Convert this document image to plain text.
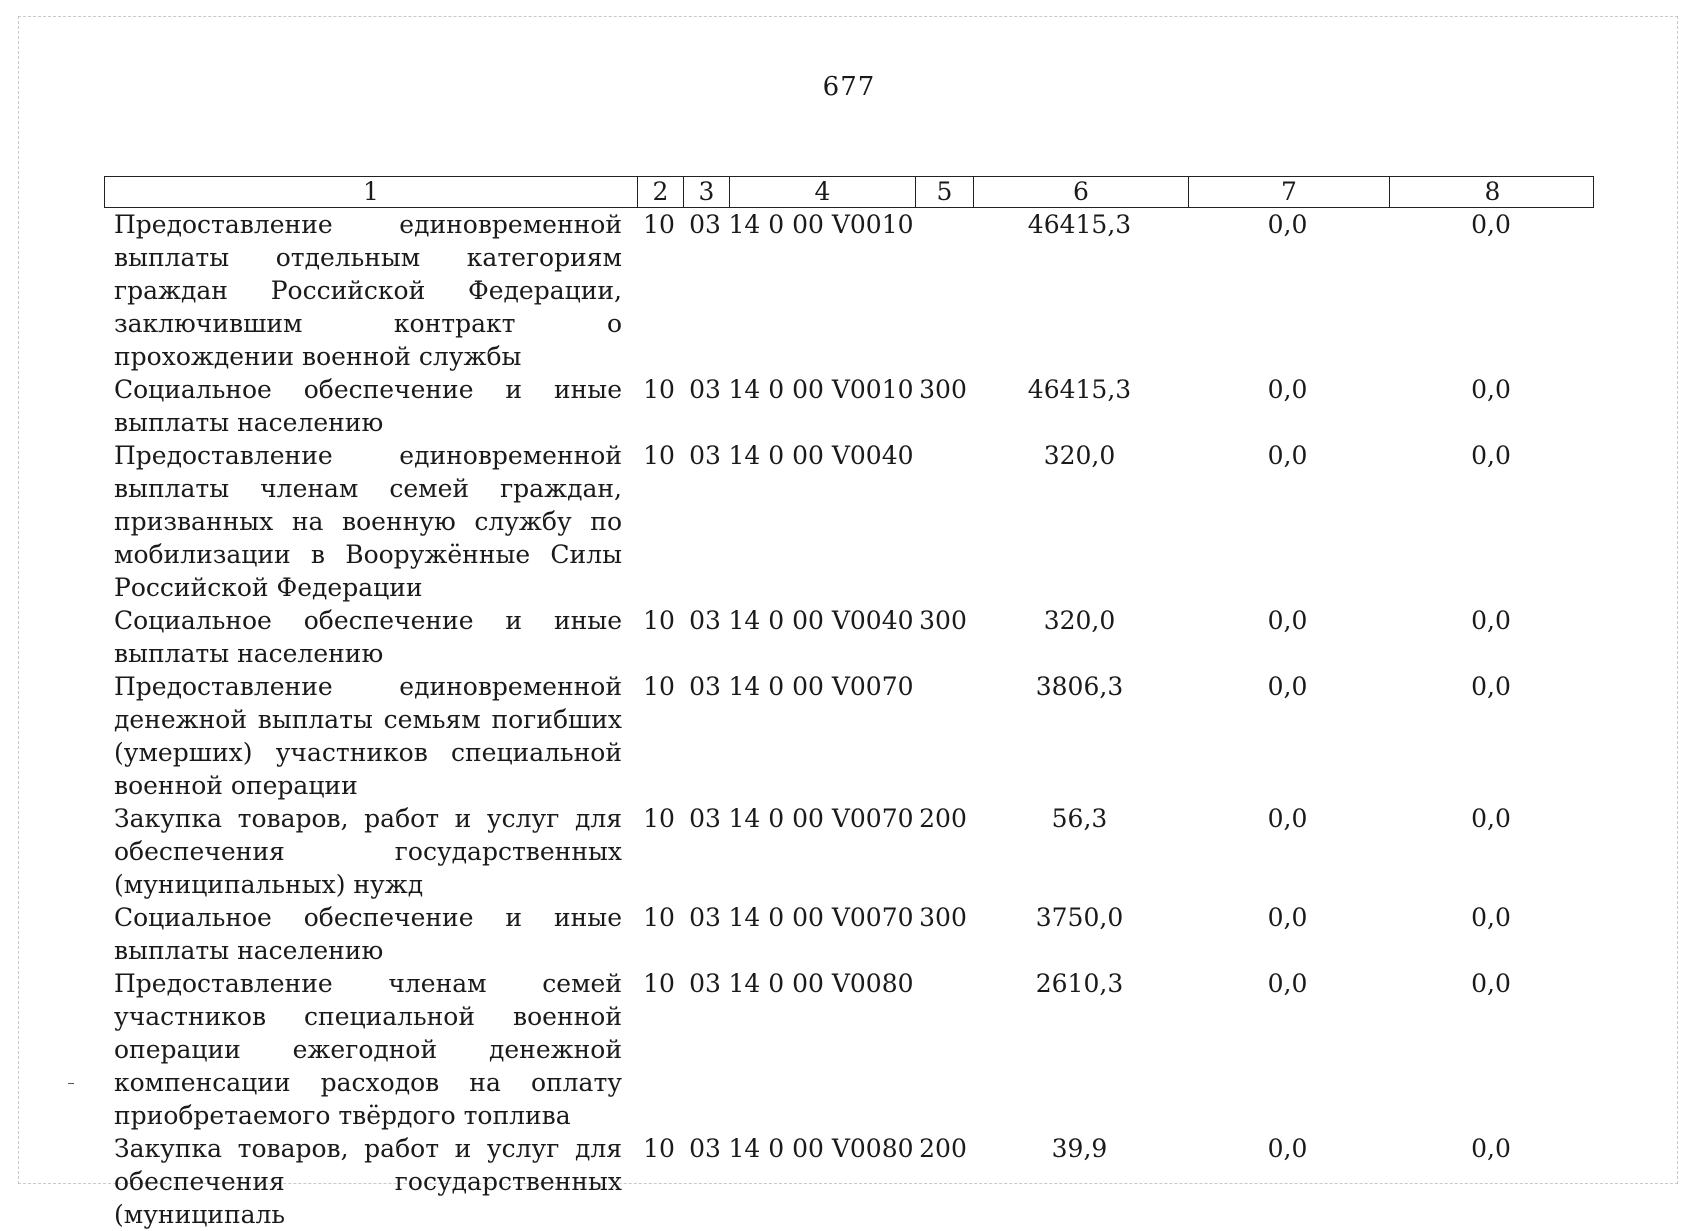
677
1	2	3	4	5	6	7	8
Предоставление единовременной выплаты отдельным категориям граждан Российской Федерации, заключившим контракт о прохождении военной службы
10 03 14 0 00 V0010	46415,3	0,0	0,0
Социальное обеспечение и иные выплаты населению
10 03 14 0 00 V0010 300	46415,3	0,0	0,0
Предоставление единовременной выплаты членам семей граждан, призванных на военную службу по мобилизации в Вооружённые Силы Российской Федерации
10 03 14 0 00 V0040	320,0	0,0	0,0
Социальное обеспечение и иные выплаты населению
10 03 14 0 00 V0040 300	320,0	0,0	0,0
Предоставление единовременной денежной выплаты семьям погибших (умерших) участников специальной военной операции
10 03 14 0 00 V0070	3806,3	0,0	0,0
Закупка товаров, работ и услуг для обеспечения государственных (муниципальных) нужд
10 03 14 0 00 V0070 200	56,3	0,0	0,0
Социальное обеспечение и иные выплаты населению
10 03 14 0 00 V0070 300	3750,0	0,0	0,0
Предоставление членам семей участников специальной военной операции ежегодной денежной компенсации расходов на оплату приобретаемого твёрдого топлива
10 03 14 0 00 V0080	2610,3	0,0	0,0
Закупка товаров, работ и услуг для обеспечения государственных (муниципаль
10 03 14 0 00 V0080 200	39,9	0,0	0,0
